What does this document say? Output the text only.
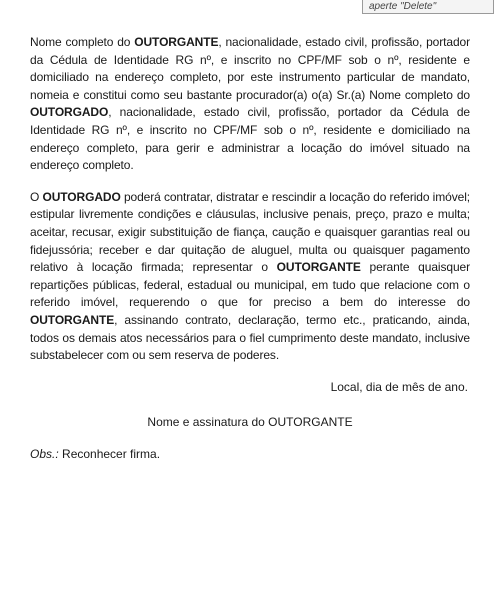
aperte "Delete"

Nome completo do OUTORGANTE, nacionalidade, estado civil, profissão, portador da Cédula de Identidade RG nº, e inscrito no CPF/MF sob o nº, residente e domiciliado na endereço completo, por este instrumento particular de mandato, nomeia e constitui como seu bastante procurador(a) o(a) Sr.(a) Nome completo do OUTORGADO, nacionalidade, estado civil, profissão, portador da Cédula de Identidade RG nº, e inscrito no CPF/MF sob o nº, residente e domiciliado na endereço completo, para gerir e administrar a locação do imóvel situado na endereço completo.

O OUTORGADO poderá contratar, distratar e rescindir a locação do referido imóvel; estipular livremente condições e cláusulas, inclusive penais, preço, prazo e multa; aceitar, recusar, exigir substituição de fiança, caução e quaisquer garantias real ou fidejussória; receber e dar quitação de aluguel, multa ou quaisquer pagamento relativo à locação firmada; representar o OUTORGANTE perante quaisquer repartições públicas, federal, estadual ou municipal, em tudo que relacione com o referido imóvel, requerendo o que for preciso a bem do interesse do OUTORGANTE, assinando contrato, declaração, termo etc., praticando, ainda, todos os demais atos necessários para o fiel cumprimento deste mandato, inclusive substabelecer com ou sem reserva de poderes.

Local, dia de mês de ano.
Nome e assinatura do OUTORGANTE
Obs.: Reconhecer firma.
